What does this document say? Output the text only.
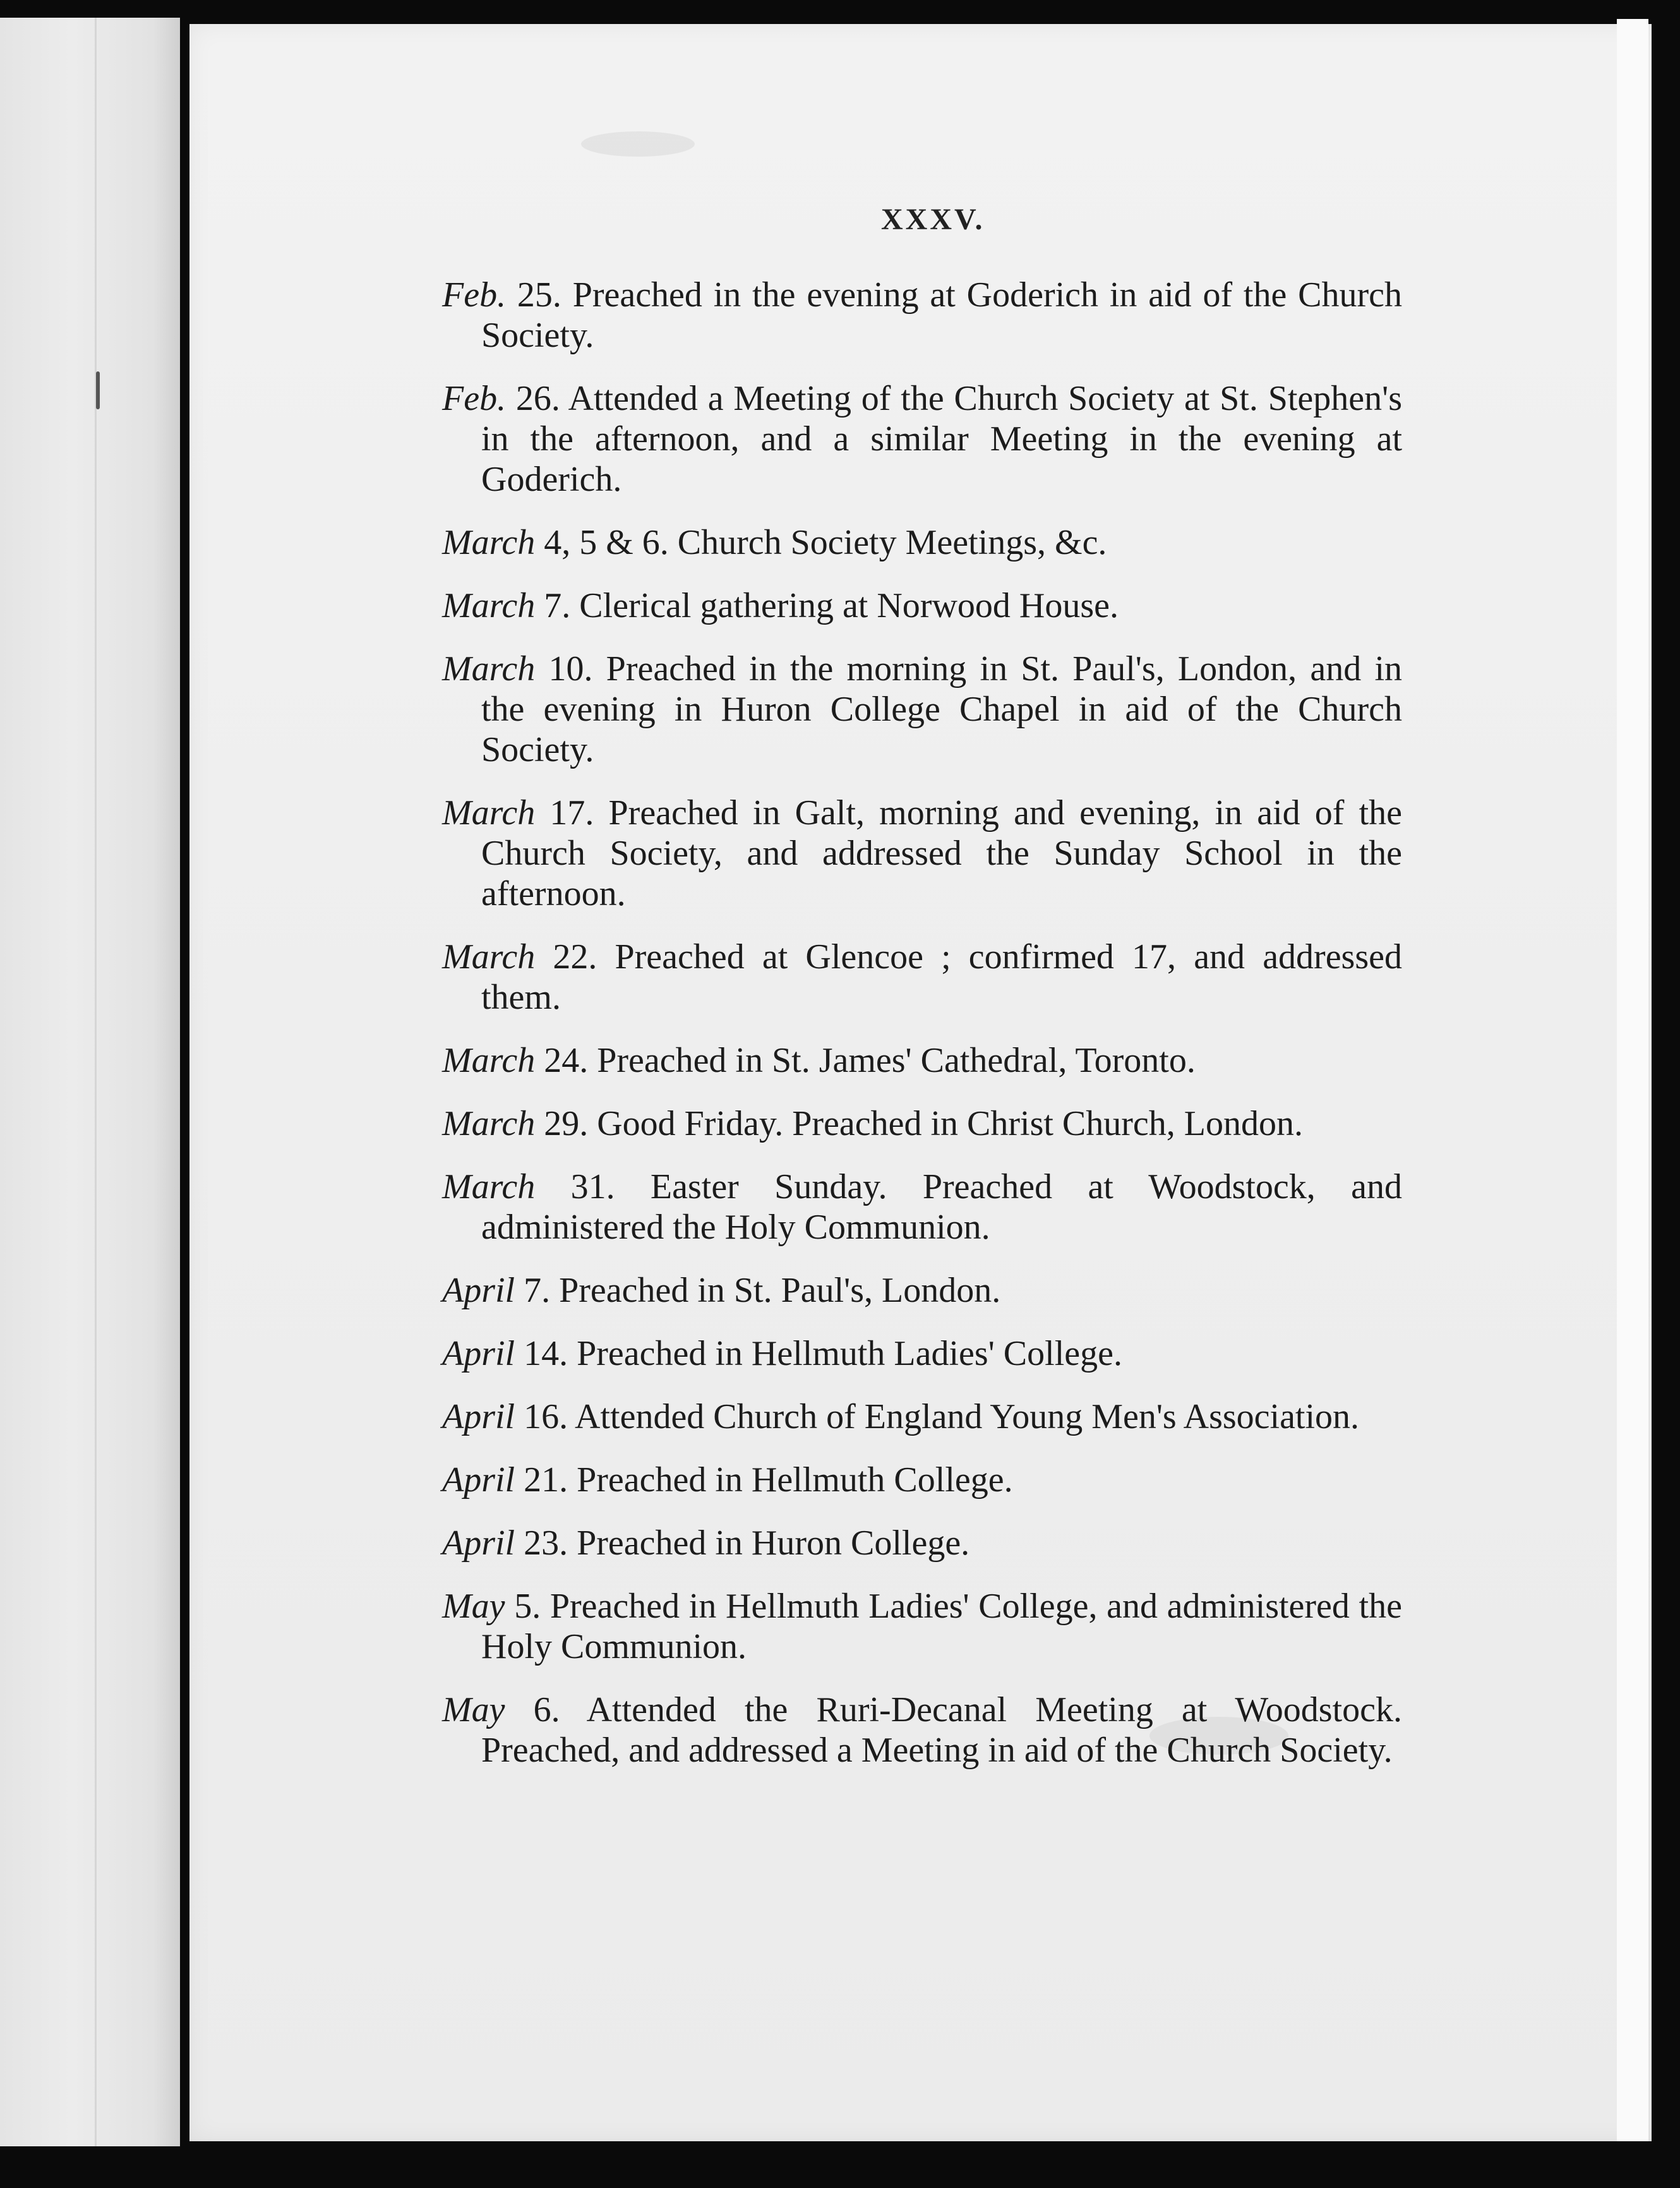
XXXV.
Feb. 25. Preached in the evening at Goderich in aid of the Church Society.
Feb. 26. Attended a Meeting of the Church Society at St. Stephen's in the afternoon, and a similar Meeting in the evening at Goderich.
March 4, 5 & 6. Church Society Meetings, &c.
March 7. Clerical gathering at Norwood House.
March 10. Preached in the morning in St. Paul's, London, and in the evening in Huron College Chapel in aid of the Church Society.
March 17. Preached in Galt, morning and evening, in aid of the Church Society, and addressed the Sunday School in the afternoon.
March 22. Preached at Glencoe ; confirmed 17, and addressed them.
March 24. Preached in St. James' Cathedral, Toronto.
March 29. Good Friday. Preached in Christ Church, London.
March 31. Easter Sunday. Preached at Woodstock, and administered the Holy Communion.
April 7. Preached in St. Paul's, London.
April 14. Preached in Hellmuth Ladies' College.
April 16. Attended Church of England Young Men's Association.
April 21. Preached in Hellmuth College.
April 23. Preached in Huron College.
May 5. Preached in Hellmuth Ladies' College, and administered the Holy Communion.
May 6. Attended the Ruri-Decanal Meeting at Woodstock. Preached, and addressed a Meeting in aid of the Church Society.
